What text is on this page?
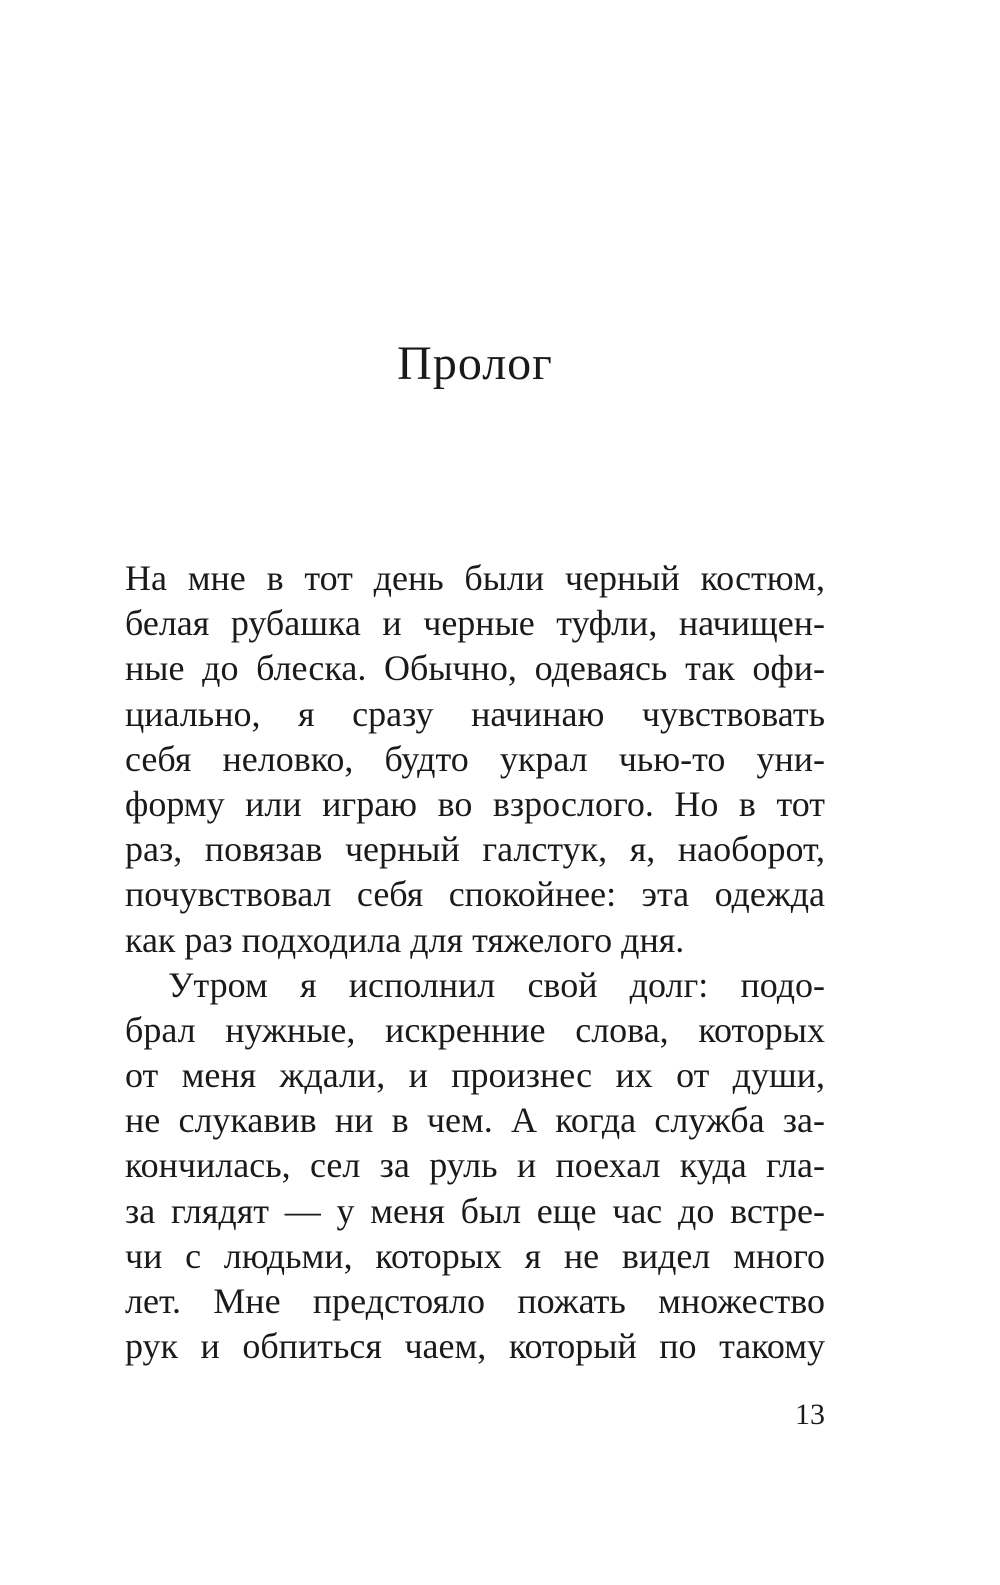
Пролог
На мне в тот день были черный костюм,
белая рубашка и черные туфли, начищен-
ные до блеска. Обычно, одеваясь так офи-
циально, я сразу начинаю чувствовать
себя неловко, будто украл чью-то уни-
форму или играю во взрослого. Но в тот
раз, повязав черный галстук, я, наоборот,
почувствовал себя спокойнее: эта одежда
как раз подходила для тяжелого дня.
Утром я исполнил свой долг: подо-
брал нужные, искренние слова, которых
от меня ждали, и произнес их от души,
не слукавив ни в чем. А когда служба за-
кончилась, сел за руль и поехал куда гла-
за глядят — у меня был еще час до встре-
чи с людьми, которых я не видел много
лет. Мне предстояло пожать множество
рук и обпиться чаем, который по такому
13
